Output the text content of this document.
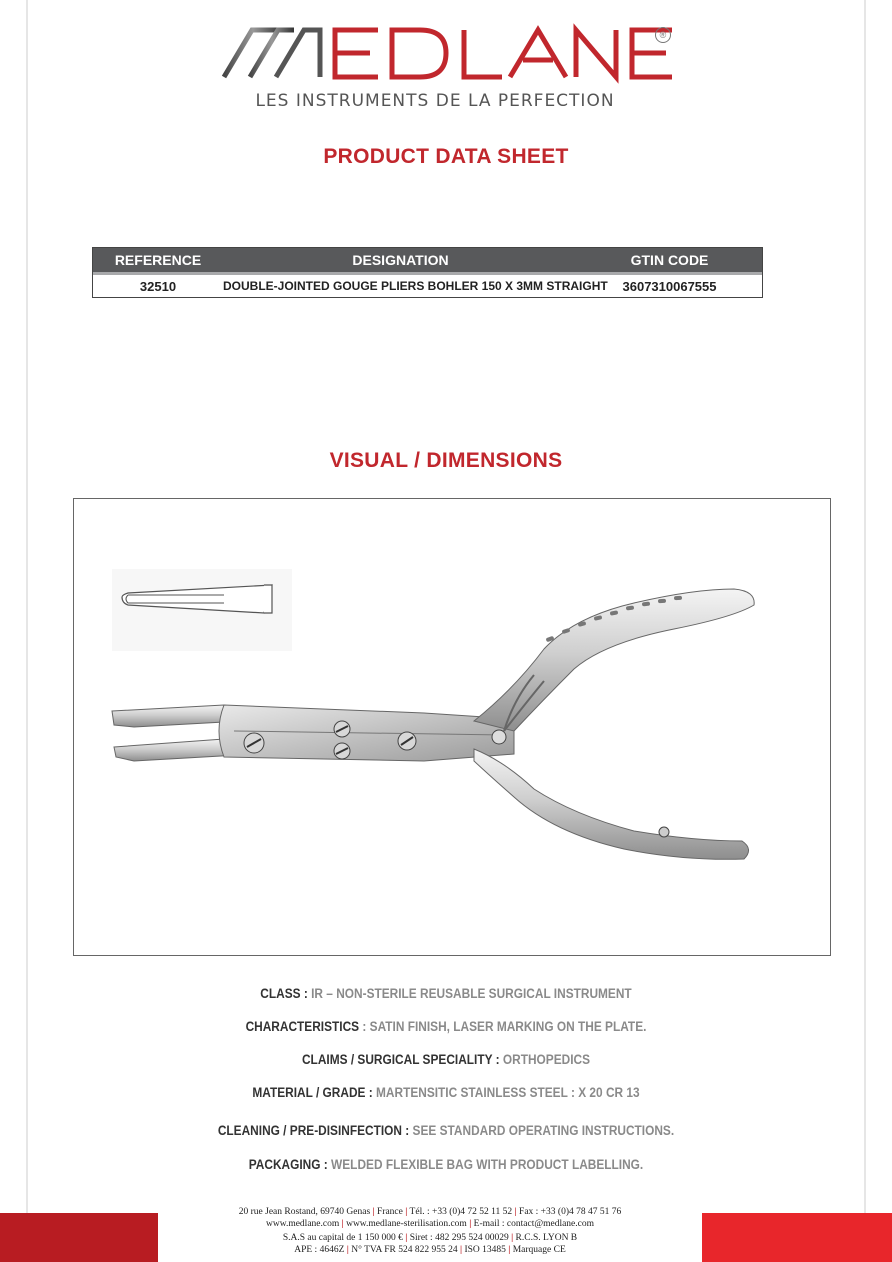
®
LES INSTRUMENTS DE LA PERFECTION
PRODUCT DATA SHEET
REFERENCE	DESIGNATION	GTIN CODE
32510	DOUBLE-JOINTED GOUGE PLIERS BOHLER 150 X 3MM STRAIGHT	3607310067555
VISUAL / DIMENSIONS
CLASS : IR – NON-STERILE REUSABLE SURGICAL INSTRUMENT
CHARACTERISTICS : SATIN FINISH, LASER MARKING ON THE PLATE.
CLAIMS / SURGICAL SPECIALITY : ORTHOPEDICS
MATERIAL / GRADE : MARTENSITIC STAINLESS STEEL : X 20 CR 13
CLEANING / PRE-DISINFECTION : SEE STANDARD OPERATING INSTRUCTIONS.
PACKAGING : WELDED FLEXIBLE BAG WITH PRODUCT LABELLING.
20 rue Jean Rostand, 69740 Genas | France | Tél. : +33 (0)4 72 52 11 52 | Fax : +33 (0)4 78 47 51 76
www.medlane.com | www.medlane-sterilisation.com | E-mail : contact@medlane.com
S.A.S au capital de 1 150 000 € | Siret : 482 295 524 00029 | R.C.S. LYON B
APE : 4646Z | N° TVA FR 524 822 955 24 | ISO 13485 | Marquage CE
